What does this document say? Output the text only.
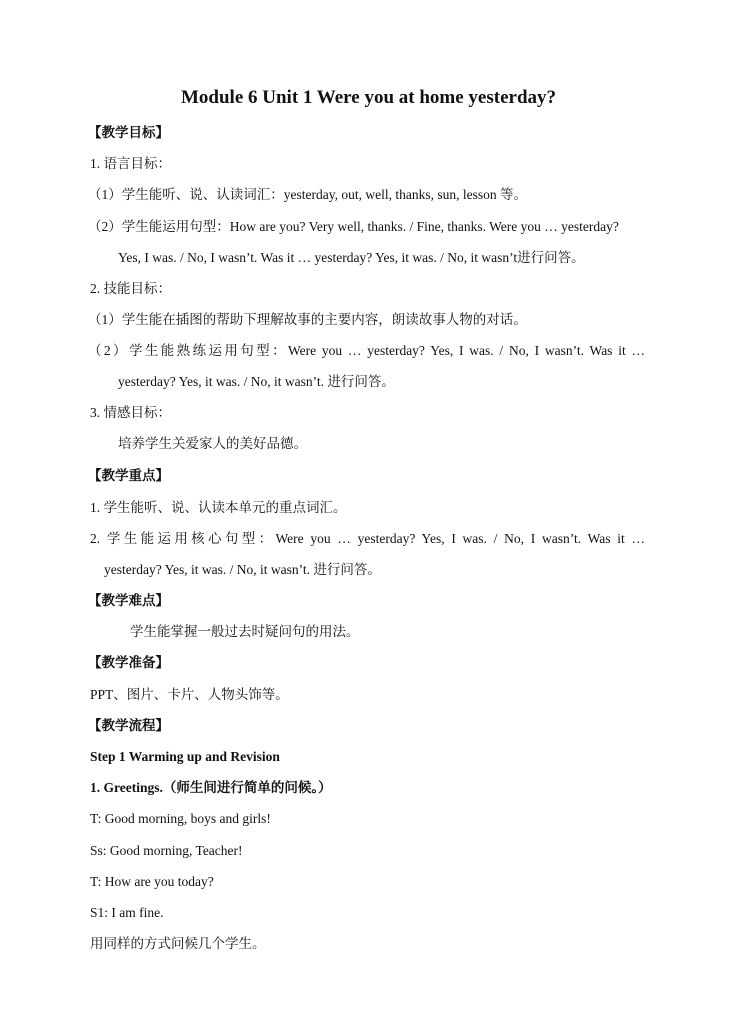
Module 6 Unit 1 Were you at home yesterday?
【教学目标】
1. 语言目标：
（1）学生能听、说、认读词汇：yesterday, out, well, thanks, sun, lesson 等。
（2）学生能运用句型：How are you? Very well, thanks. / Fine, thanks. Were you … yesterday?
Yes, I was. / No, I wasn’t. Was it … yesterday? Yes, it was. / No, it wasn’t进行问答。
2. 技能目标：
（1）学生能在插图的帮助下理解故事的主要内容，朗读故事人物的对话。
（2）学生能熟练运用句型：Were you … yesterday? Yes, I was. / No, I wasn’t. Was it …
yesterday? Yes, it was. / No, it wasn’t. 进行问答。
3. 情感目标：
培养学生关爱家人的美好品德。
【教学重点】
1. 学生能听、说、认读本单元的重点词汇。
2. 学生能运用核心句型：Were you … yesterday? Yes, I was. / No, I wasn’t. Was it …
yesterday? Yes, it was. / No, it wasn’t. 进行问答。
【教学难点】
学生能掌握一般过去时疑问句的用法。
【教学准备】
PPT、图片、卡片、人物头饰等。
【教学流程】
Step 1 Warming up and Revision
1. Greetings.（师生间进行简单的问候。）
T: Good morning, boys and girls!
Ss: Good morning, Teacher!
T: How are you today?
S1: I am fine.
用同样的方式问候几个学生。
